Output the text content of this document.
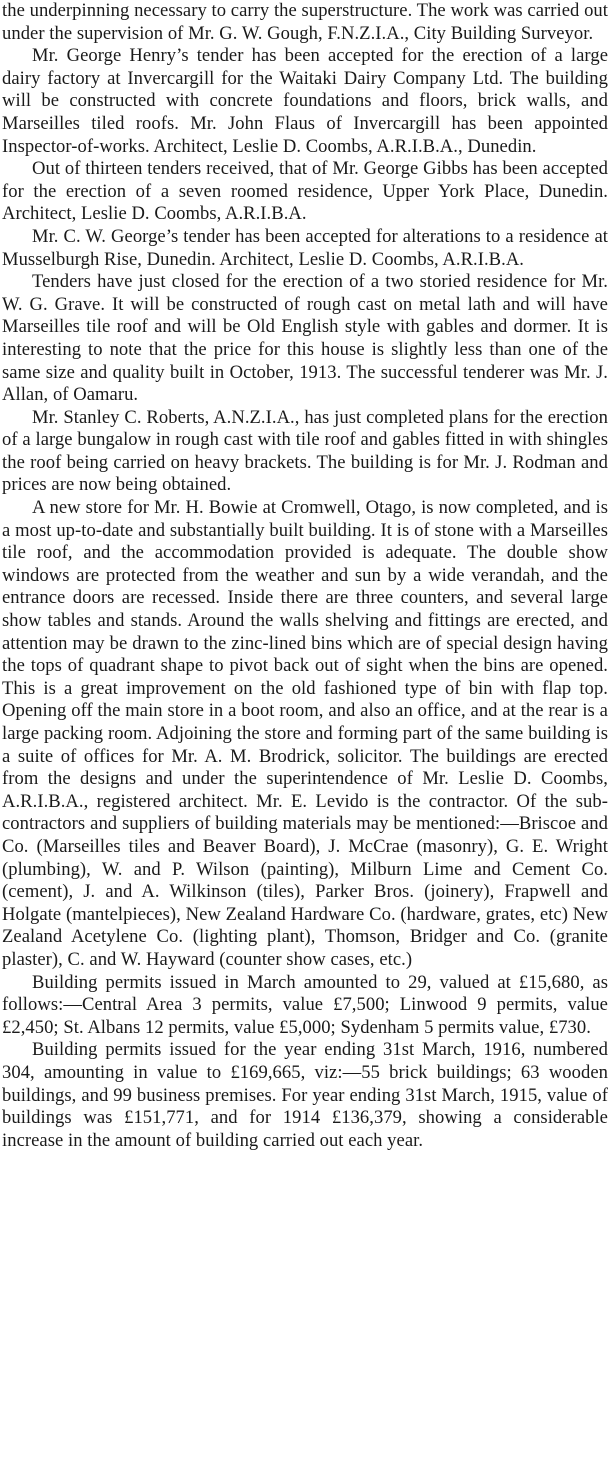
the underpinning necessary to carry the superstructure. The work was carried out under the supervision of Mr. G. W. Gough, F.N.Z.I.A., City Building Surveyor.

Mr. George Henry’s tender has been accepted for the erection of a large dairy factory at Invercargill for the Waitaki Dairy Company Ltd. The building will be constructed with concrete foundations and floors, brick walls, and Marseilles tiled roofs. Mr. John Flaus of Invercargill has been appointed Inspector-of-works. Architect, Leslie D. Coombs, A.R.I.B.A., Dunedin.

Out of thirteen tenders received, that of Mr. George Gibbs has been accepted for the erection of a seven roomed residence, Upper York Place, Dunedin. Architect, Leslie D. Coombs, A.R.I.B.A.

Mr. C. W. George’s tender has been accepted for alterations to a residence at Musselburgh Rise, Dunedin. Architect, Leslie D. Coombs, A.R.I.B.A.

Tenders have just closed for the erection of a two storied residence for Mr. W. G. Grave. It will be constructed of rough cast on metal lath and will have Marseilles tile roof and will be Old English style with gables and dormer. It is interesting to note that the price for this house is slightly less than one of the same size and quality built in October, 1913. The successful tenderer was Mr. J. Allan, of Oamaru.

Mr. Stanley C. Roberts, A.N.Z.I.A., has just completed plans for the erection of a large bungalow in rough cast with tile roof and gables fitted in with shingles the roof being carried on heavy brackets. The building is for Mr. J. Rodman and prices are now being obtained.

A new store for Mr. H. Bowie at Cromwell, Otago, is now completed, and is a most up-to-date and substantially built building. It is of stone with a Marseilles tile roof, and the accommodation provided is adequate. The double show windows are protected from the weather and sun by a wide verandah, and the entrance doors are recessed. Inside there are three counters, and several large show tables and stands. Around the walls shelving and fittings are erected, and attention may be drawn to the zinc-lined bins which are of special design having the tops of quadrant shape to pivot back out of sight when the bins are opened. This is a great improvement on the old fashioned type of bin with flap top. Opening off the main store in a boot room, and also an office, and at the rear is a large packing room. Adjoining the store and forming part of the same building is a suite of offices for Mr. A. M. Brodrick, solicitor. The buildings are erected from the designs and under the superintendence of Mr. Leslie D. Coombs, A.R.I.B.A., registered architect. Mr. E. Levido is the contractor. Of the sub-contractors and suppliers of building materials may be mentioned:—Briscoe and Co. (Marseilles tiles and Beaver Board), J. McCrae (masonry), G. E. Wright (plumbing), W. and P. Wilson (painting), Milburn Lime and Cement Co. (cement), J. and A. Wilkinson (tiles), Parker Bros. (joinery), Frapwell and Holgate (mantelpieces), New Zealand Hardware Co. (hardware, grates, etc) New Zealand Acetylene Co. (lighting plant), Thomson, Bridger and Co. (granite plaster), C. and W. Hayward (counter show cases, etc.)

Building permits issued in March amounted to 29, valued at £15,680, as follows:—Central Area 3 permits, value £7,500; Linwood 9 permits, value £2,450; St. Albans 12 permits, value £5,000; Sydenham 5 permits value, £730.

Building permits issued for the year ending 31st March, 1916, numbered 304, amounting in value to £169,665, viz:—55 brick buildings; 63 wooden buildings, and 99 business premises. For year ending 31st March, 1915, value of buildings was £151,771, and for 1914 £136,379, showing a considerable increase in the amount of building carried out each year.
